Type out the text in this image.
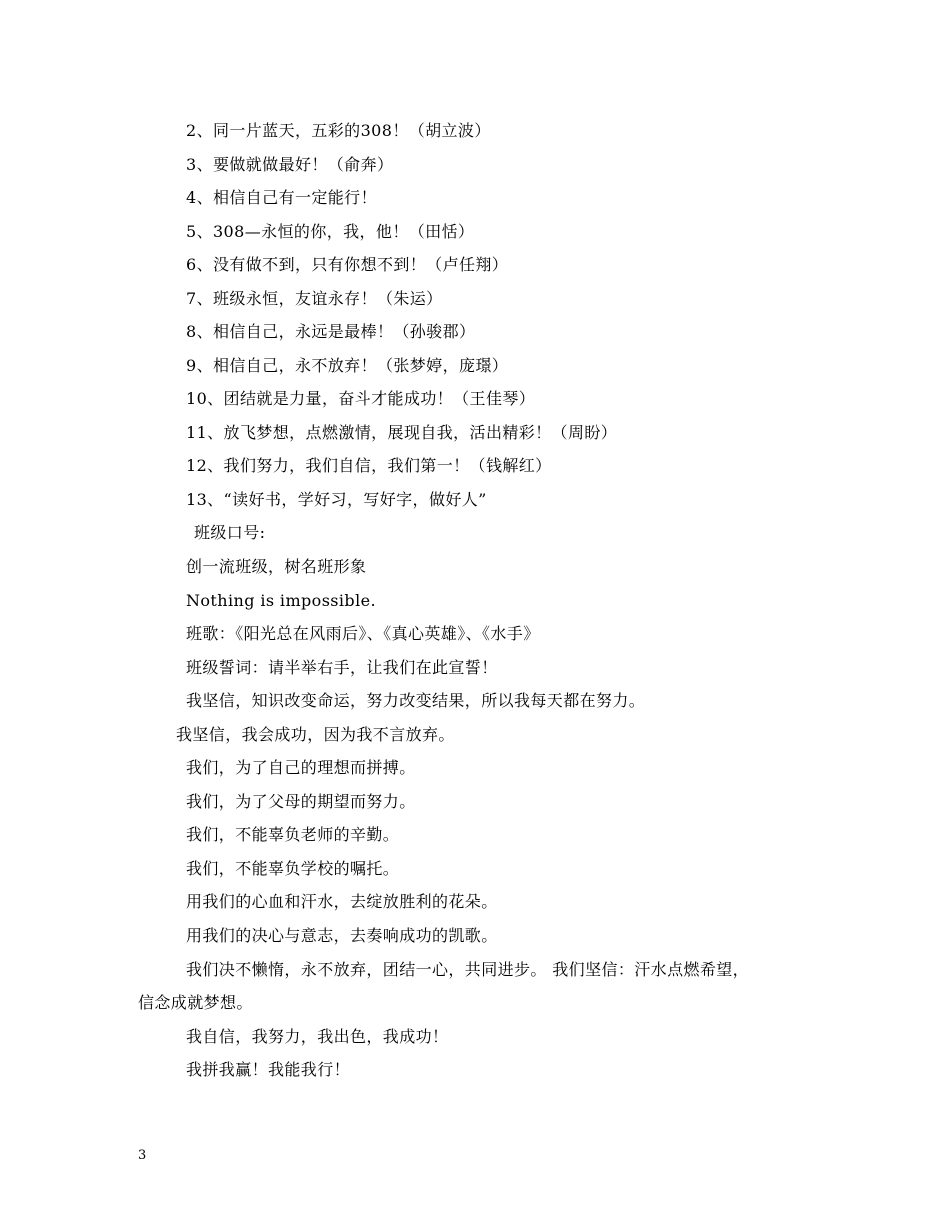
2、同一片蓝天，五彩的308！（胡立波）
3、要做就做最好！（俞奔）
4、相信自己有一定能行！
5、308—永恒的你，我，他！（田恬）
6、没有做不到，只有你想不到！（卢任翔）
7、班级永恒，友谊永存！（朱运）
8、相信自己，永远是最棒！（孙骏郡）
9、相信自己，永不放弃！（张梦婷，庞璟）
10、团结就是力量，奋斗才能成功！（王佳琴）
11、放飞梦想，点燃激情，展现自我，活出精彩！（周盼）
12、我们努力，我们自信，我们第一！（钱解红）
13、“读好书，学好习，写好字，做好人”
班级口号:
创一流班级，树名班形象
Nothing is impossible.
班歌：《阳光总在风雨后》、《真心英雄》、《水手》
班级誓词：请半举右手，让我们在此宣誓！
我坚信，知识改变命运，努力改变结果，所以我每天都在努力。
我坚信，我会成功，因为我不言放弃。
我们，为了自己的理想而拼搏。
我们，为了父母的期望而努力。
我们，不能辜负老师的辛勤。
我们，不能辜负学校的嘱托。
用我们的心血和汗水，去绽放胜利的花朵。
用我们的决心与意志，去奏响成功的凯歌。
我们决不懒惰，永不放弃，团结一心，共同进步。 我们坚信：汗水点燃希望，
信念成就梦想。
我自信，我努力，我出色，我成功！
我拼我赢！我能我行！
3
